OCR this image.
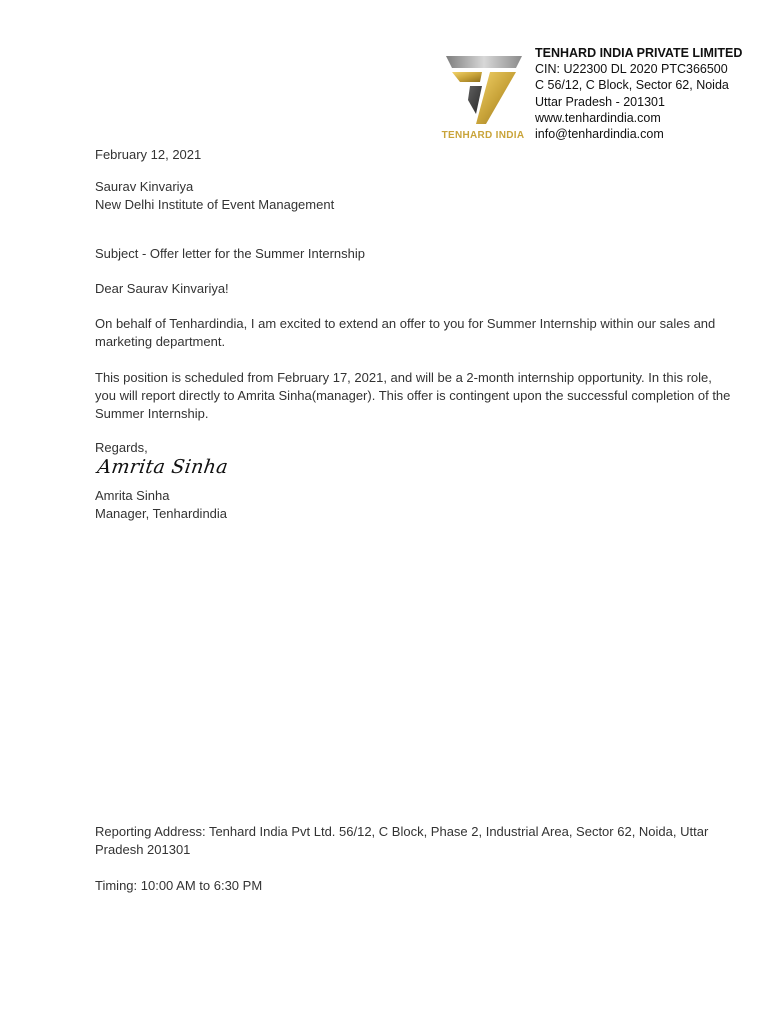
TENHARD INDIA
TENHARD INDIA PRIVATE LIMITED
CIN: U22300 DL 2020 PTC366500
C 56/12, C Block, Sector 62, Noida
Uttar Pradesh - 201301
www.tenhardindia.com
info@tenhardindia.com

February 12, 2021

Saurav Kinvariya

New Delhi Institute of Event Management

Subject - Offer letter for the Summer Internship

Dear Saurav Kinvariya!

On behalf of Tenhardindia, I am excited to extend an offer to you for Summer Internship within our sales and marketing department.

This position is scheduled from February 17, 2021, and will be a 2-month internship opportunity. In this role, you will report directly to Amrita Sinha(manager). This offer is contingent upon the successful completion of the Summer Internship.

Regards,

Amrita Sinha

Amrita Sinha

Manager, Tenhardindia

Reporting Address: Tenhard India Pvt Ltd. 56/12, C Block, Phase 2, Industrial Area, Sector 62, Noida, Uttar Pradesh 201301

Timing: 10:00 AM to 6:30 PM
